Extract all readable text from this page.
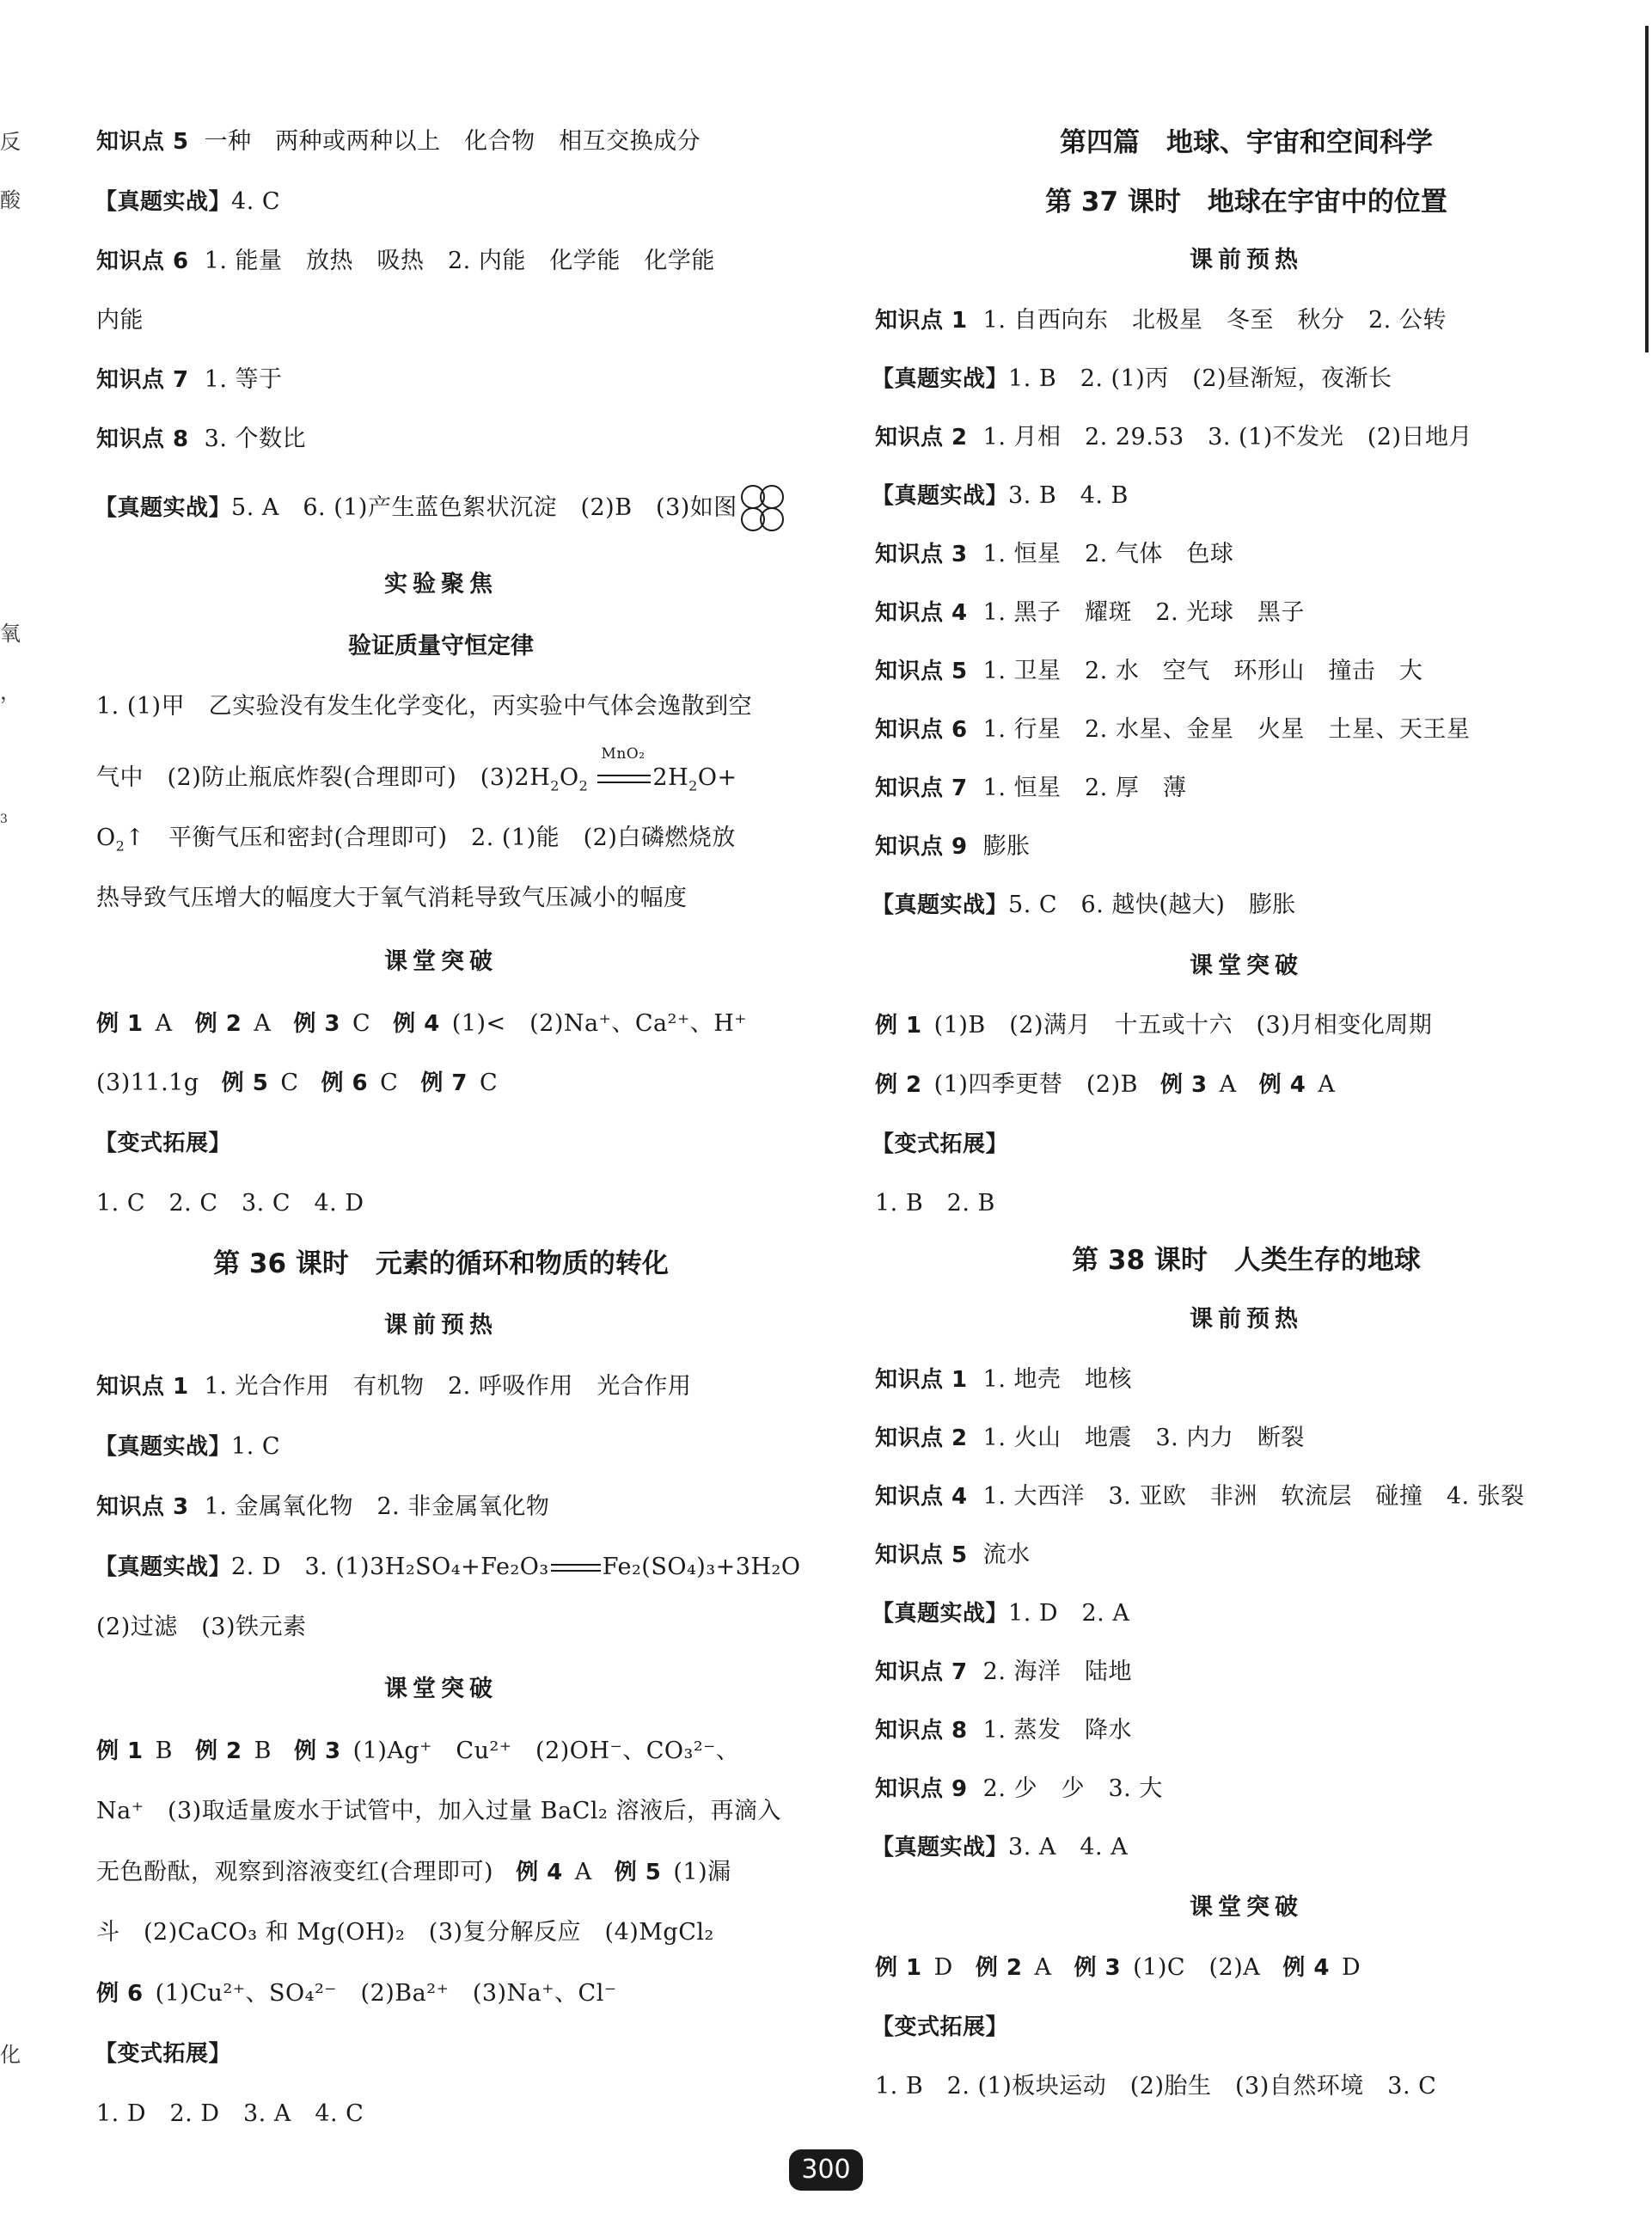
反
酸
氧
，
3
化
知识点 5 一种　两种或两种以上　化合物　相互交换成分
【真题实战】4. C
知识点 6 1. 能量　放热　吸热　2. 内能　化学能　化学能
内能
知识点 7 1. 等于
知识点 8 3. 个数比
【真题实战】5. A　6. (1)产生蓝色絮状沉淀　(2)B　(3)如图
实验聚焦
验证质量守恒定律
1. (1)甲　乙实验没有发生化学变化，丙实验中气体会逸散到空
气中　(2)防止瓶底炸裂(合理即可)　$(3)2H_2O_2$
MnO₂
$2H_2O+$
$O_2↑$　平衡气压和密封(合理即可)　2. (1)能　(2)白磷燃烧放
热导致气压增大的幅度大于氧气消耗导致气压减小的幅度
课堂突破
例 1 A 例 2 A 例 3 C 例 4 (1)<　(2)Na⁺、Ca²⁺、H⁺
(3)11.1g 例 5 C 例 6 C 例 7 C
【变式拓展】
1. C　2. C　3. C　4. D
第 36 课时　元素的循环和物质的转化
课前预热
知识点 1 1. 光合作用　有机物　2. 呼吸作用　光合作用
【真题实战】1. C
知识点 3 1. 金属氧化物　2. 非金属氧化物
【真题实战】2. D　3. (1)3H₂SO₄+Fe₂O₃ Fe₂(SO₄)₃+3H₂O
(2)过滤　(3)铁元素
课堂突破
例 1 B 例 2 B 例 3 (1)Ag⁺　Cu²⁺　(2)OH⁻、CO₃²⁻、
Na⁺　(3)取适量废水于试管中，加入过量 BaCl₂ 溶液后，再滴入
无色酚酞，观察到溶液变红(合理即可) 例 4 A 例 5 (1)漏
斗　(2)CaCO₃ 和 Mg(OH)₂　(3)复分解反应　(4)MgCl₂
例 6 (1)Cu²⁺、SO₄²⁻　(2)Ba²⁺　(3)Na⁺、Cl⁻
【变式拓展】
1. D　2. D　3. A　4. C
第四篇　地球、宇宙和空间科学
第 37 课时　地球在宇宙中的位置
课前预热
知识点 1 1. 自西向东　北极星　冬至　秋分　2. 公转
【真题实战】1. B　2. (1)丙　(2)昼渐短，夜渐长
知识点 2 1. 月相　2. 29.53　3. (1)不发光　(2)日地月
【真题实战】3. B　4. B
知识点 3 1. 恒星　2. 气体　色球
知识点 4 1. 黑子　耀斑　2. 光球　黑子
知识点 5 1. 卫星　2. 水　空气　环形山　撞击　大
知识点 6 1. 行星　2. 水星、金星　火星　土星、天王星
知识点 7 1. 恒星　2. 厚　薄
知识点 9 膨胀
【真题实战】5. C　6. 越快(越大)　膨胀
课堂突破
例 1 (1)B　(2)满月　十五或十六　(3)月相变化周期
例 2 (1)四季更替　(2)B 例 3 A 例 4 A
【变式拓展】
1. B　2. B
第 38 课时　人类生存的地球
课前预热
知识点 1 1. 地壳　地核
知识点 2 1. 火山　地震　3. 内力　断裂
知识点 4 1. 大西洋　3. 亚欧　非洲　软流层　碰撞　4. 张裂
知识点 5 流水
【真题实战】1. D　2. A
知识点 7 2. 海洋　陆地
知识点 8 1. 蒸发　降水
知识点 9 2. 少　少　3. 大
【真题实战】3. A　4. A
课堂突破
例 1 D 例 2 A 例 3 (1)C　(2)A 例 4 D
【变式拓展】
1. B　2. (1)板块运动　(2)胎生　(3)自然环境　3. C
300
